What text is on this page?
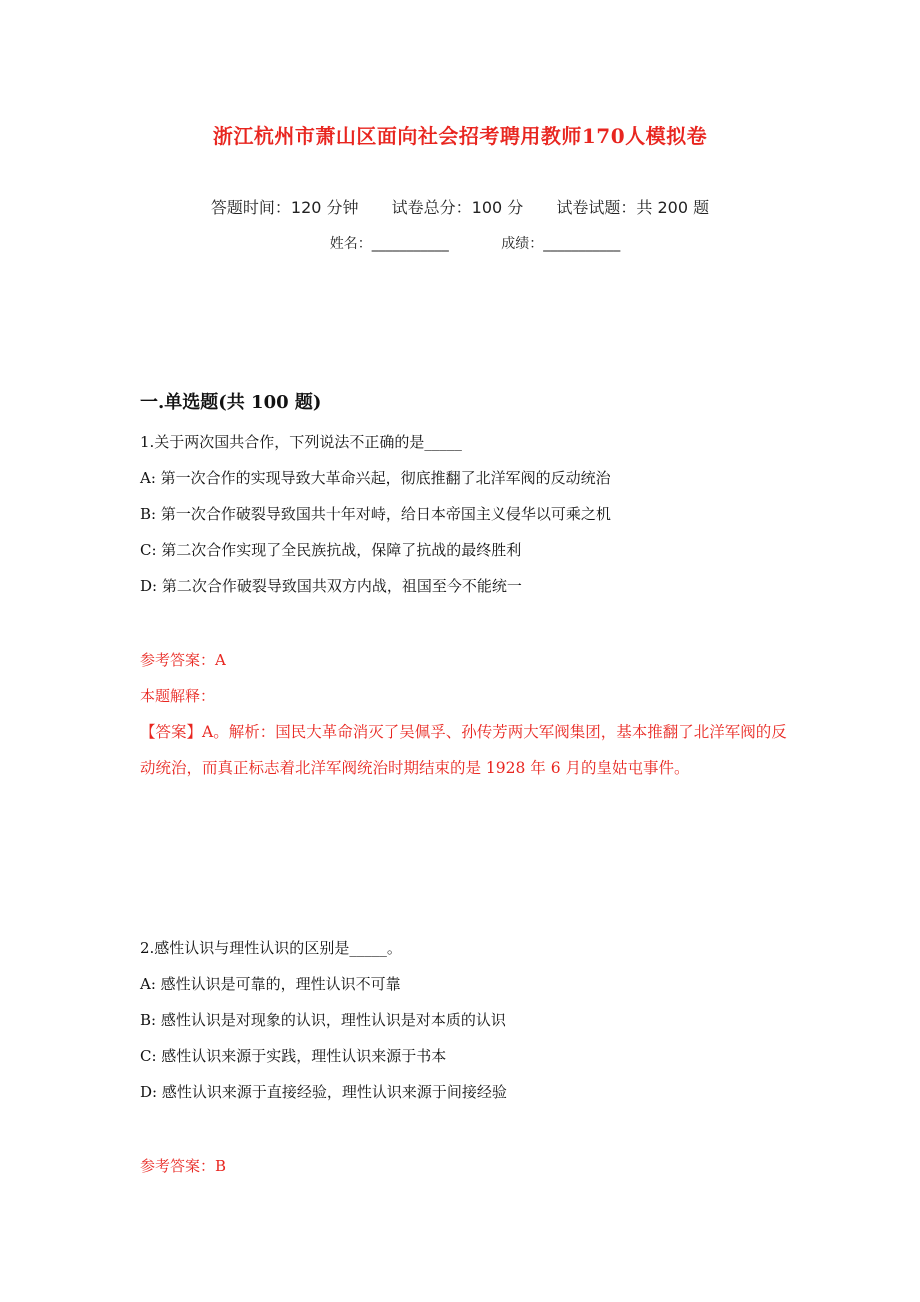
浙江杭州市萧山区面向社会招考聘用教师170人模拟卷
答题时间：120 分钟 试卷总分：100 分 试卷试题：共 200 题
姓名：___________	成绩：___________
一.单选题(共 100 题)
1.关于两次国共合作，下列说法不正确的是_____
A: 第一次合作的实现导致大革命兴起，彻底推翻了北洋军阀的反动统治
B: 第一次合作破裂导致国共十年对峙，给日本帝国主义侵华以可乘之机
C: 第二次合作实现了全民族抗战，保障了抗战的最终胜利
D: 第二次合作破裂导致国共双方内战，祖国至今不能统一
参考答案：A
本题解释：
【答案】A。解析：国民大革命消灭了吴佩孚、孙传芳两大军阀集团，基本推翻了北洋军阀的反动统治，而真正标志着北洋军阀统治时期结束的是 1928 年 6 月的皇姑屯事件。
2.感性认识与理性认识的区别是_____。
A: 感性认识是可靠的，理性认识不可靠
B: 感性认识是对现象的认识，理性认识是对本质的认识
C: 感性认识来源于实践，理性认识来源于书本
D: 感性认识来源于直接经验，理性认识来源于间接经验
参考答案：B
